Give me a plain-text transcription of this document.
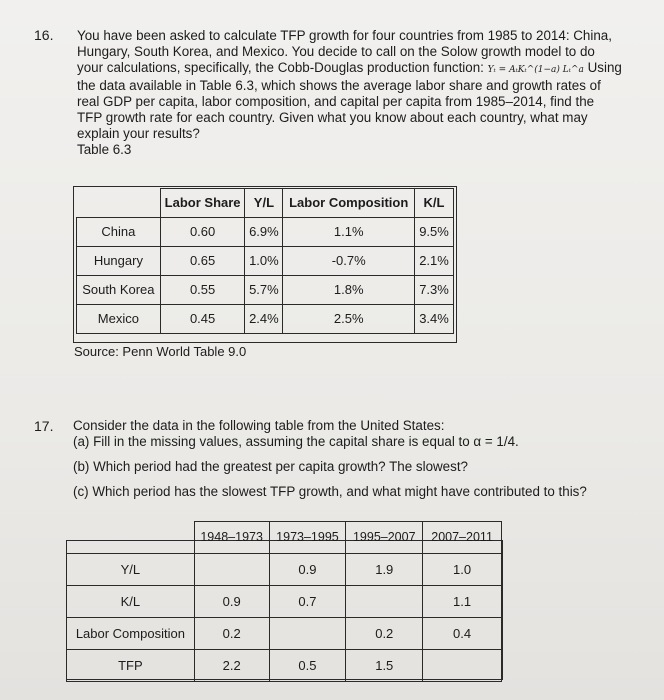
16. You have been asked to calculate TFP growth for four countries from 1985 to 2014: China,

Hungary, South Korea, and Mexico. You decide to call on the Solow growth model to do

your calculations, specifically, the Cobb-Douglas production function: Yₜ = AₜKₜ^(1−a) Lₜ^a Using

the data available in Table 6.3, which shows the average labor share and growth rates of

real GDP per capita, labor composition, and capital per capita from 1985–2014, find the

TFP growth rate for each country. Given what you know about each country, what may

explain your results?

Table 6.3

	Labor Share	Y/L	Labor Composition	K/L
China	0.60	6.9%	1.1%	9.5%
Hungary	0.65	1.0%	-0.7%	2.1%
South Korea	0.55	5.7%	1.8%	7.3%
Mexico	0.45	2.4%	2.5%	3.4%
Source: Penn World Table 9.0
17. Consider the data in the following table from the United States:

(a) Fill in the missing values, assuming the capital share is equal to α = 1/4.

(b) Which period had the greatest per capita growth? The slowest?

(c) Which period has the slowest TFP growth, and what might have contributed to this?

	1948–1973	1973–1995	1995–2007	2007–2011
Y/L		0.9	1.9	1.0
K/L	0.9	0.7		1.1
Labor Composition	0.2		0.2	0.4
TFP	2.2	0.5	1.5	
